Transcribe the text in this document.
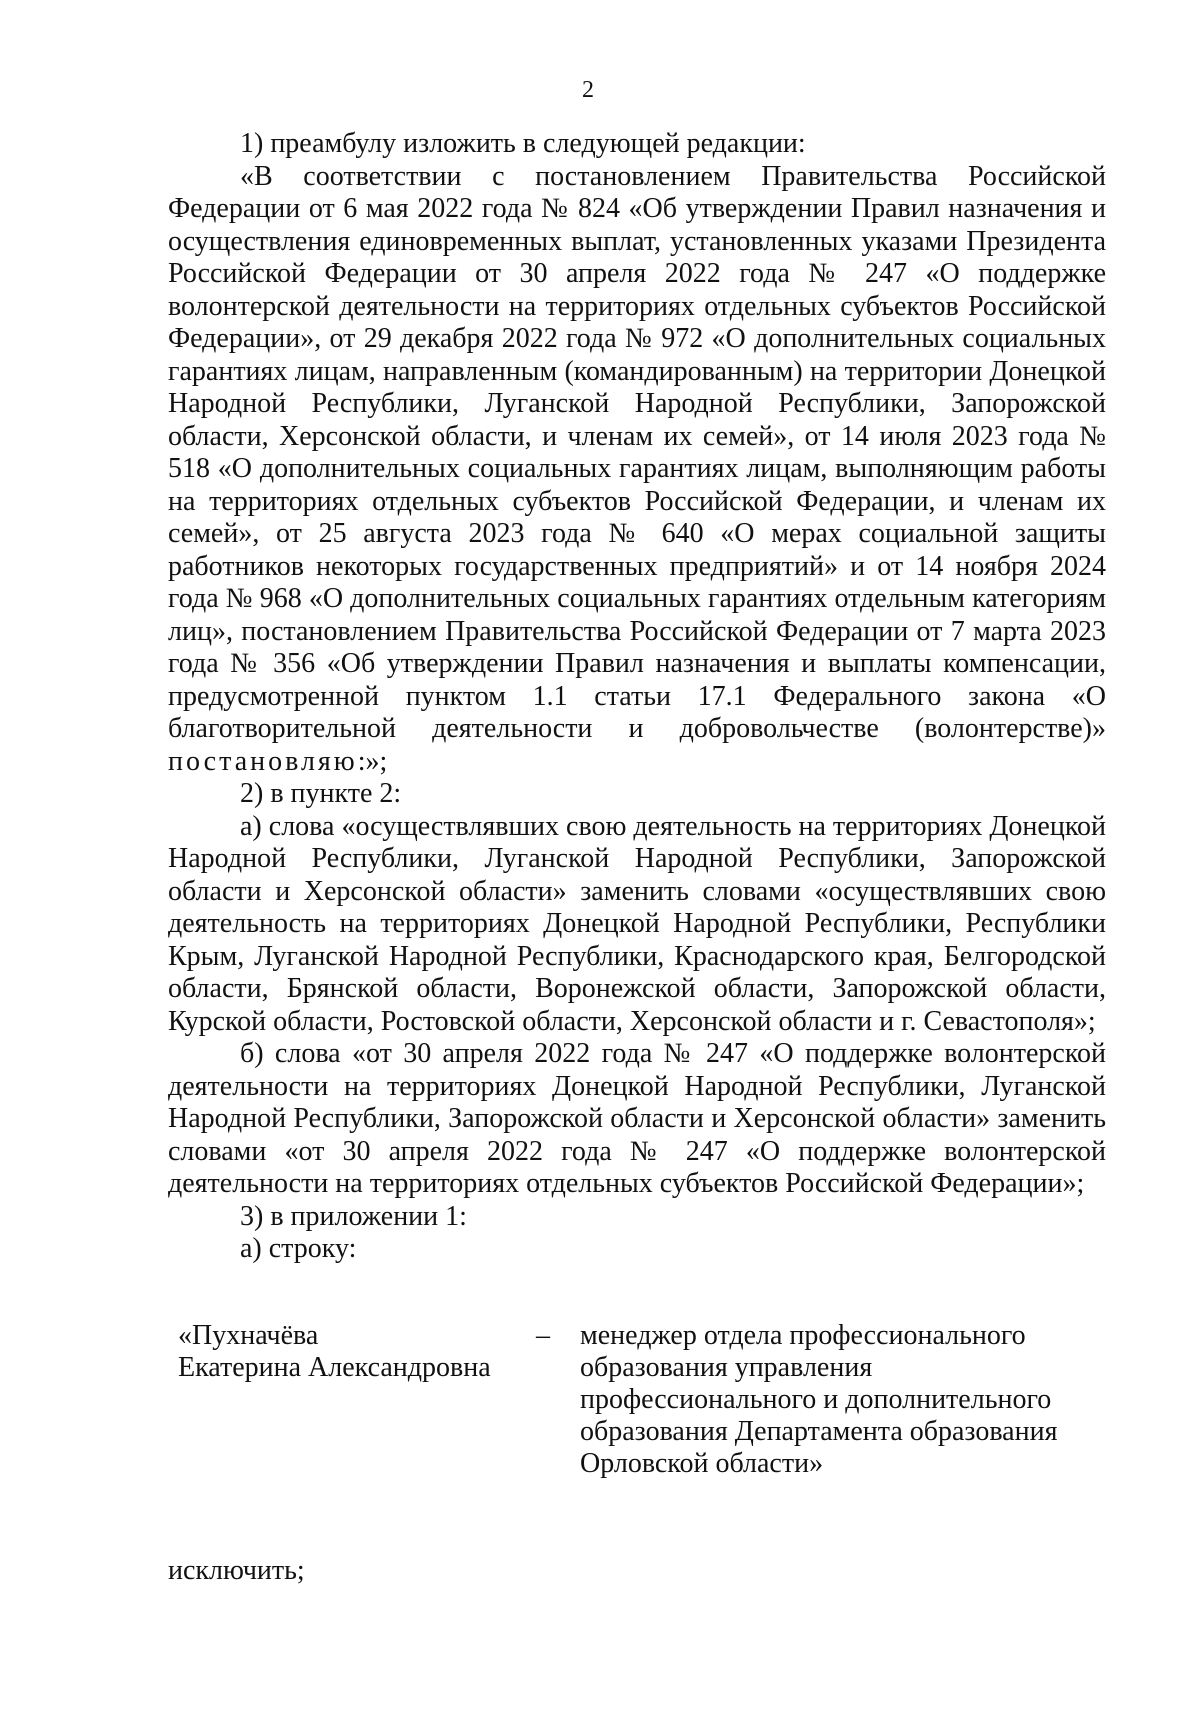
2

1) преамбулу изложить в следующей редакции:

«В соответствии с постановлением Правительства Российской Федерации от 6 мая 2022 года № 824 «Об утверждении Правил назначения и осуществления единовременных выплат, установленных указами Президента Российской Федерации от 30 апреля 2022 года № 247 «О поддержке волонтерской деятельности на территориях отдельных субъектов Российской Федерации», от 29 декабря 2022 года № 972 «О дополнительных социальных гарантиях лицам, направленным (командированным) на территории Донецкой Народной Республики, Луганской Народной Республики, Запорожской области, Херсонской области, и членам их семей», от 14 июля 2023 года № 518 «О дополнительных социальных гарантиях лицам, выполняющим работы на территориях отдельных субъектов Российской Федерации, и членам их семей», от 25 августа 2023 года № 640 «О мерах социальной защиты работников некоторых государственных предприятий» и от 14 ноября 2024 года № 968 «О дополнительных социальных гарантиях отдельным категориям лиц», постановлением Правительства Российской Федерации от 7 марта 2023 года № 356 «Об утверждении Правил назначения и выплаты компенсации, предусмотренной пунктом 1.1 статьи 17.1 Федерального закона «О благотворительной деятельности и добровольчестве (волонтерстве)» постановляю:»;

2) в пункте 2:

а) слова «осуществлявших свою деятельность на территориях Донецкой Народной Республики, Луганской Народной Республики, Запорожской области и Херсонской области» заменить словами «осуществлявших свою деятельность на территориях Донецкой Народной Республики, Республики Крым, Луганской Народной Республики, Краснодарского края, Белгородской области, Брянской области, Воронежской области, Запорожской области, Курской области, Ростовской области, Херсонской области и г. Севастополя»;

б) слова «от 30 апреля 2022 года № 247 «О поддержке волонтерской деятельности на территориях Донецкой Народной Республики, Луганской Народной Республики, Запорожской области и Херсонской области» заменить словами «от 30 апреля 2022 года № 247 «О поддержке волонтерской деятельности на территориях отдельных субъектов Российской Федерации»;

3) в приложении 1:

а) строку:

«Пухначёва
Екатерина Александровна
– менеджер отдела профессионального
образования управления
профессионального и дополнительного
образования Департамента образования
Орловской области»
исключить;
